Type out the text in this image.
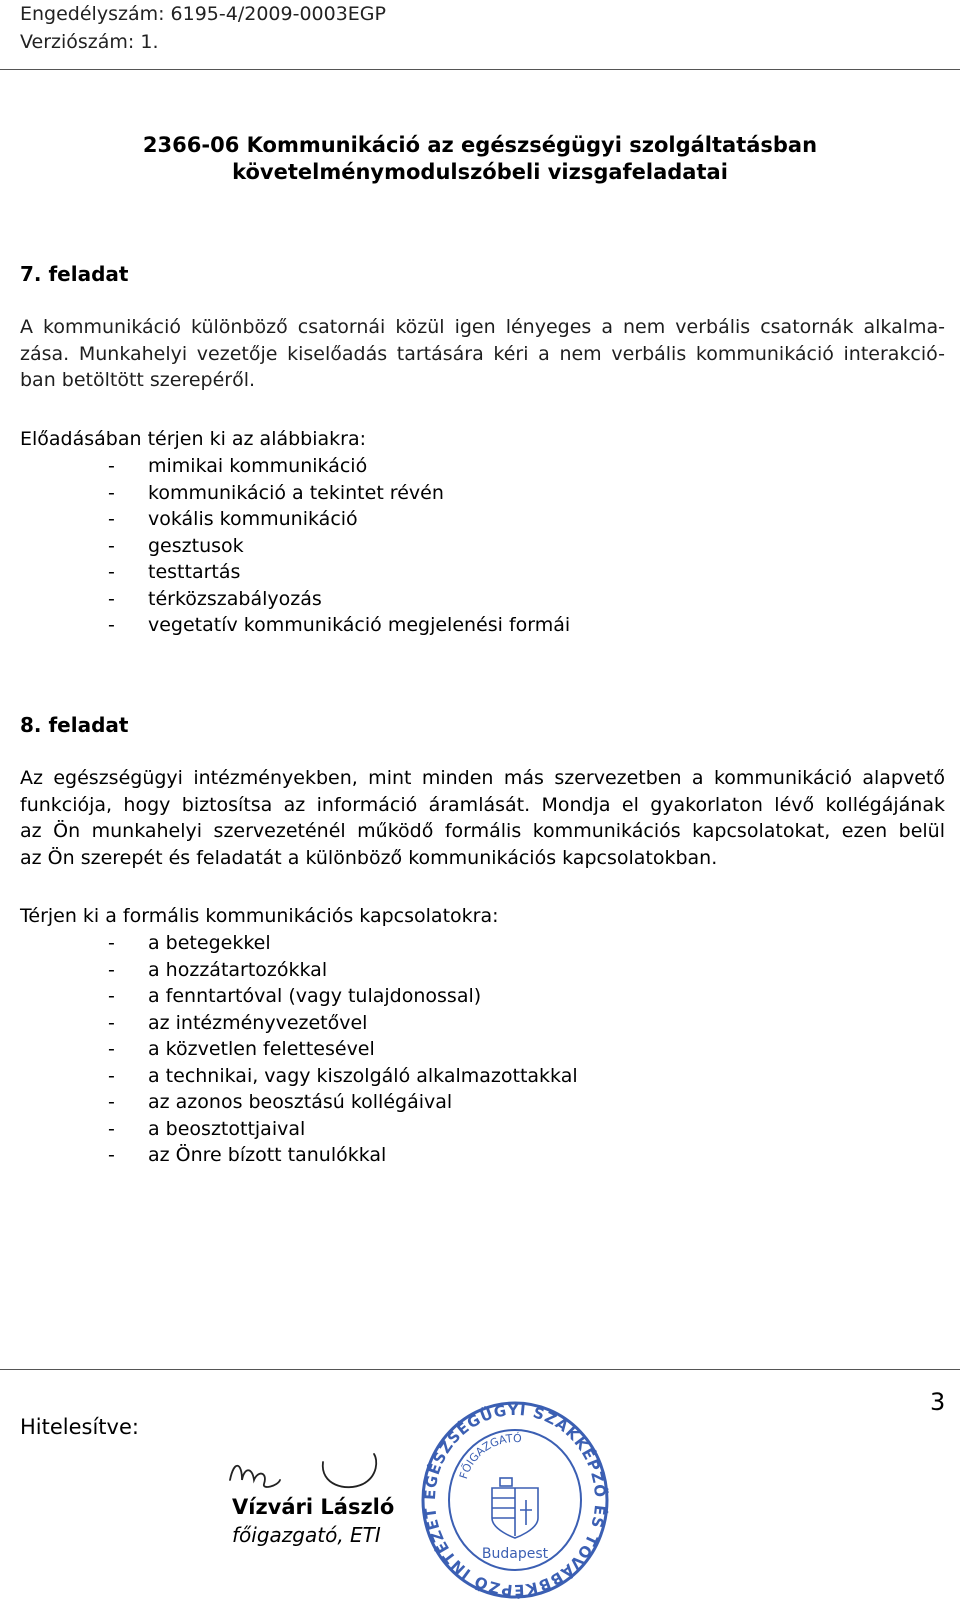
Engedélyszám: 6195-4/2009-0003EGP
Verziószám: 1.
2366-06 Kommunikáció az egészségügyi szolgáltatásban
követelménymodulszóbeli vizsgafeladatai
7. feladat
A kommunikáció különböző csatornái közül igen lényeges a nem verbális csatornák alkalma-
zása. Munkahelyi vezetője kiselőadás tartására kéri a nem verbális kommunikáció interakció-
ban betöltött szerepéről.
Előadásában térjen ki az alábbiakra:
- mimikai kommunikáció
- kommunikáció a tekintet révén
- vokális kommunikáció
- gesztusok
- testtartás
- térközszabályozás
- vegetatív kommunikáció megjelenési formái
8. feladat
Az egészségügyi intézményekben, mint minden más szervezetben a kommunikáció alapvető
funkciója, hogy biztosítsa az információ áramlását. Mondja el gyakorlaton lévő kollégájának
az Ön munkahelyi szervezeténél működő formális kommunikációs kapcsolatokat, ezen belül
az Ön szerepét és feladatát a különböző kommunikációs kapcsolatokban.
Térjen ki a formális kommunikációs kapcsolatokra:
- a betegekkel
- a hozzátartozókkal
- a fenntartóval (vagy tulajdonossal)
- az intézményvezetővel
- a közvetlen felettesével
- a technikai, vagy kiszolgáló alkalmazottakkal
- az azonos beosztású kollégáival
- a beosztottjaival
- az Önre bízott tanulókkal
3
Hitelesítve:
Vízvári László
főigazgató, ETI
EGÉSZSÉGÜGYI SZAKKÉPZŐ ÉS TOVÁBBKÉPZŐ INTÉZET
FŐIGAZGATÓ
Budapest
